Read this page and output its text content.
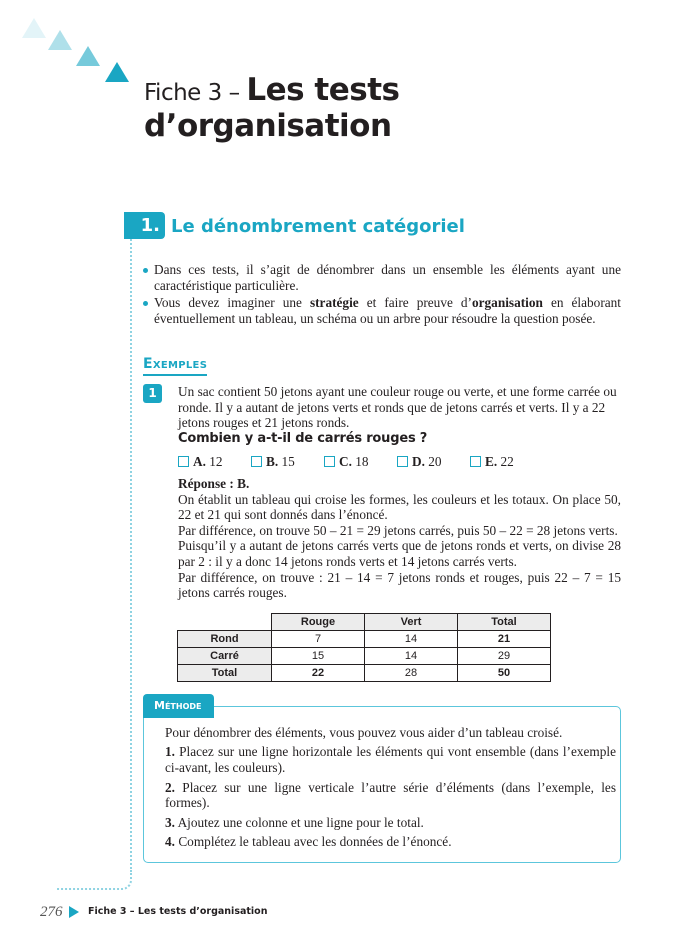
Fiche 3 – Les tests
d’organisation
1. Le dénombrement catégoriel
Dans ces tests, il s’agit de dénombrer dans un ensemble les éléments ayant une caractéristique particulière.
Vous devez imaginer une stratégie et faire preuve d’organisation en élaborant éventuellement un tableau, un schéma ou un arbre pour résoudre la question posée.
Exemples
1	Un sac contient 50 jetons ayant une couleur rouge ou verte, et une forme carrée ou ronde. Il y a autant de jetons verts et ronds que de jetons carrés et verts. Il y a 22 jetons rouges et 21 jetons ronds.

Combien y a-t-il de carrés rouges ?

A. 12	B. 15	C. 18	D. 20	E. 22

Réponse : B.

On établit un tableau qui croise les formes, les couleurs et les totaux. On place 50, 22 et 21 qui sont donnés dans l’énoncé.

Par différence, on trouve 50 – 21 = 29 jetons carrés, puis 50 – 22 = 28 jetons verts.

Puisqu’il y a autant de jetons carrés verts que de jetons ronds et verts, on divise 28 par 2 : il y a donc 14 jetons ronds verts et 14 jetons carrés verts.

Par différence, on trouve : 21 – 14 = 7 jetons ronds et rouges, puis 22 – 7 = 15 jetons carrés rouges.

	Rouge	Vert	Total
Rond	7	14	21
Carré	15	14	29
Total	22	28	50
Méthode

Pour dénombrer des éléments, vous pouvez vous aider d’un tableau croisé.

1. Placez sur une ligne horizontale les éléments qui vont ensemble (dans l’exemple ci-avant, les couleurs).

2. Placez sur une ligne verticale l’autre série d’éléments (dans l’exemple, les formes).

3. Ajoutez une colonne et une ligne pour le total.

4. Complétez le tableau avec les données de l’énoncé.

276	Fiche 3 – Les tests d’organisation
